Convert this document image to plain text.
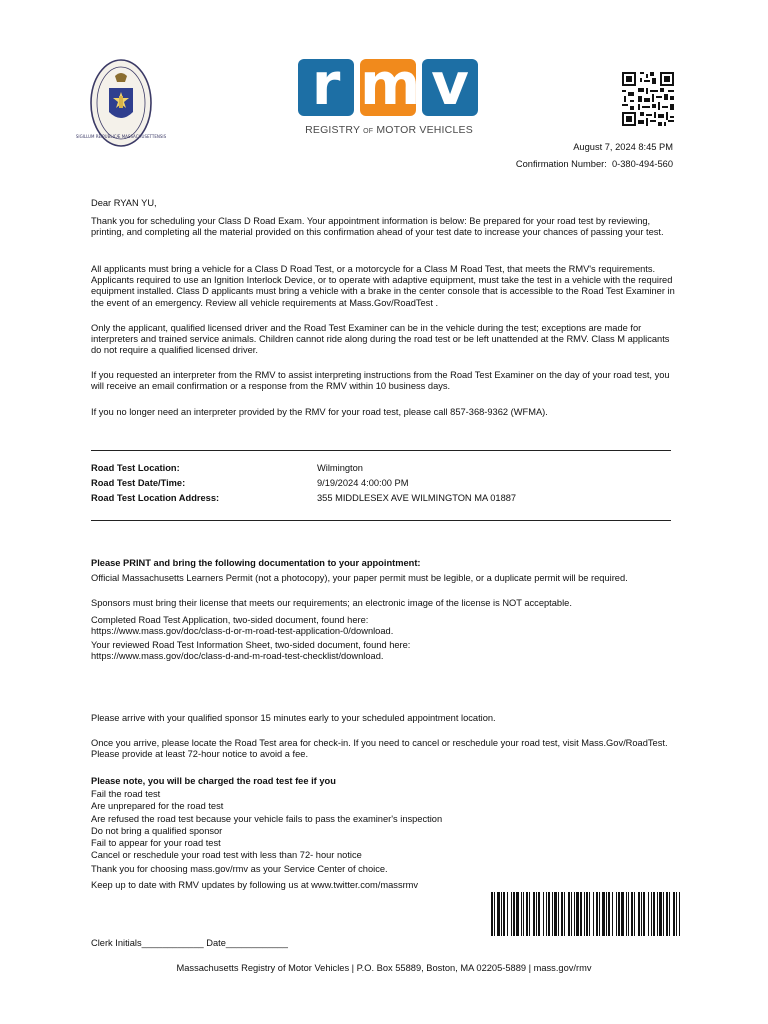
SIGILLUM REIPUBLICÆ MASSACHUSETTENSIS
r m v
REGISTRY OF MOTOR VEHICLES
August 7, 2024 8:45 PM
Confirmation Number: 0-380-494-560

Dear RYAN YU,

Thank you for scheduling your Class D Road Exam. Your appointment information is below: Be prepared for your road test by reviewing, printing, and completing all the material provided on this confirmation ahead of your test date to increase your chances of passing your test.

All applicants must bring a vehicle for a Class D Road Test, or a motorcycle for a Class M Road Test, that meets the RMV's requirements. Applicants required to use an Ignition Interlock Device, or to operate with adaptive equipment, must take the test in a vehicle with the required equipment installed. Class D applicants must bring a vehicle with a brake in the center console that is accessible to the Road Test Examiner in the event of an emergency. Review all vehicle requirements at Mass.Gov/RoadTest .

Only the applicant, qualified licensed driver and the Road Test Examiner can be in the vehicle during the test; exceptions are made for interpreters and trained service animals. Children cannot ride along during the road test or be left unattended at the RMV. Class M applicants do not require a qualified licensed driver.

If you requested an interpreter from the RMV to assist interpreting instructions from the Road Test Examiner on the day of your road test, you will receive an email confirmation or a response from the RMV within 10 business days.

If you no longer need an interpreter provided by the RMV for your road test, please call 857-368-9362 (WFMA).

Road Test Location:	Wilmington
Road Test Date/Time:	9/19/2024 4:00:00 PM
Road Test Location Address:	355 MIDDLESEX AVE WILMINGTON MA 01887

Please PRINT and bring the following documentation to your appointment:

Official Massachusetts Learners Permit (not a photocopy), your paper permit must be legible, or a duplicate permit will be required.

Sponsors must bring their license that meets our requirements; an electronic image of the license is NOT acceptable.

Completed Road Test Application, two-sided document, found here:
https://www.mass.gov/doc/class-d-or-m-road-test-application-0/download.

Your reviewed Road Test Information Sheet, two-sided document, found here:
https://www.mass.gov/doc/class-d-and-m-road-test-checklist/download.

Please arrive with your qualified sponsor 15 minutes early to your scheduled appointment location.

Once you arrive, please locate the Road Test area for check-in. If you need to cancel or reschedule your road test, visit Mass.Gov/RoadTest. Please provide at least 72-hour notice to avoid a fee.

Please note, you will be charged the road test fee if you

Fail the road test
Are unprepared for the road test
Are refused the road test because your vehicle fails to pass the examiner's inspection
Do not bring a qualified sponsor
Fail to appear for your road test
Cancel or reschedule your road test with less than 72- hour notice

Thank you for choosing mass.gov/rmv as your Service Center of choice.

Keep up to date with RMV updates by following us at www.twitter.com/massrmv

Clerk Initials____________ Date____________
Massachusetts Registry of Motor Vehicles | P.O. Box 55889, Boston, MA 02205-5889 | mass.gov/rmv
